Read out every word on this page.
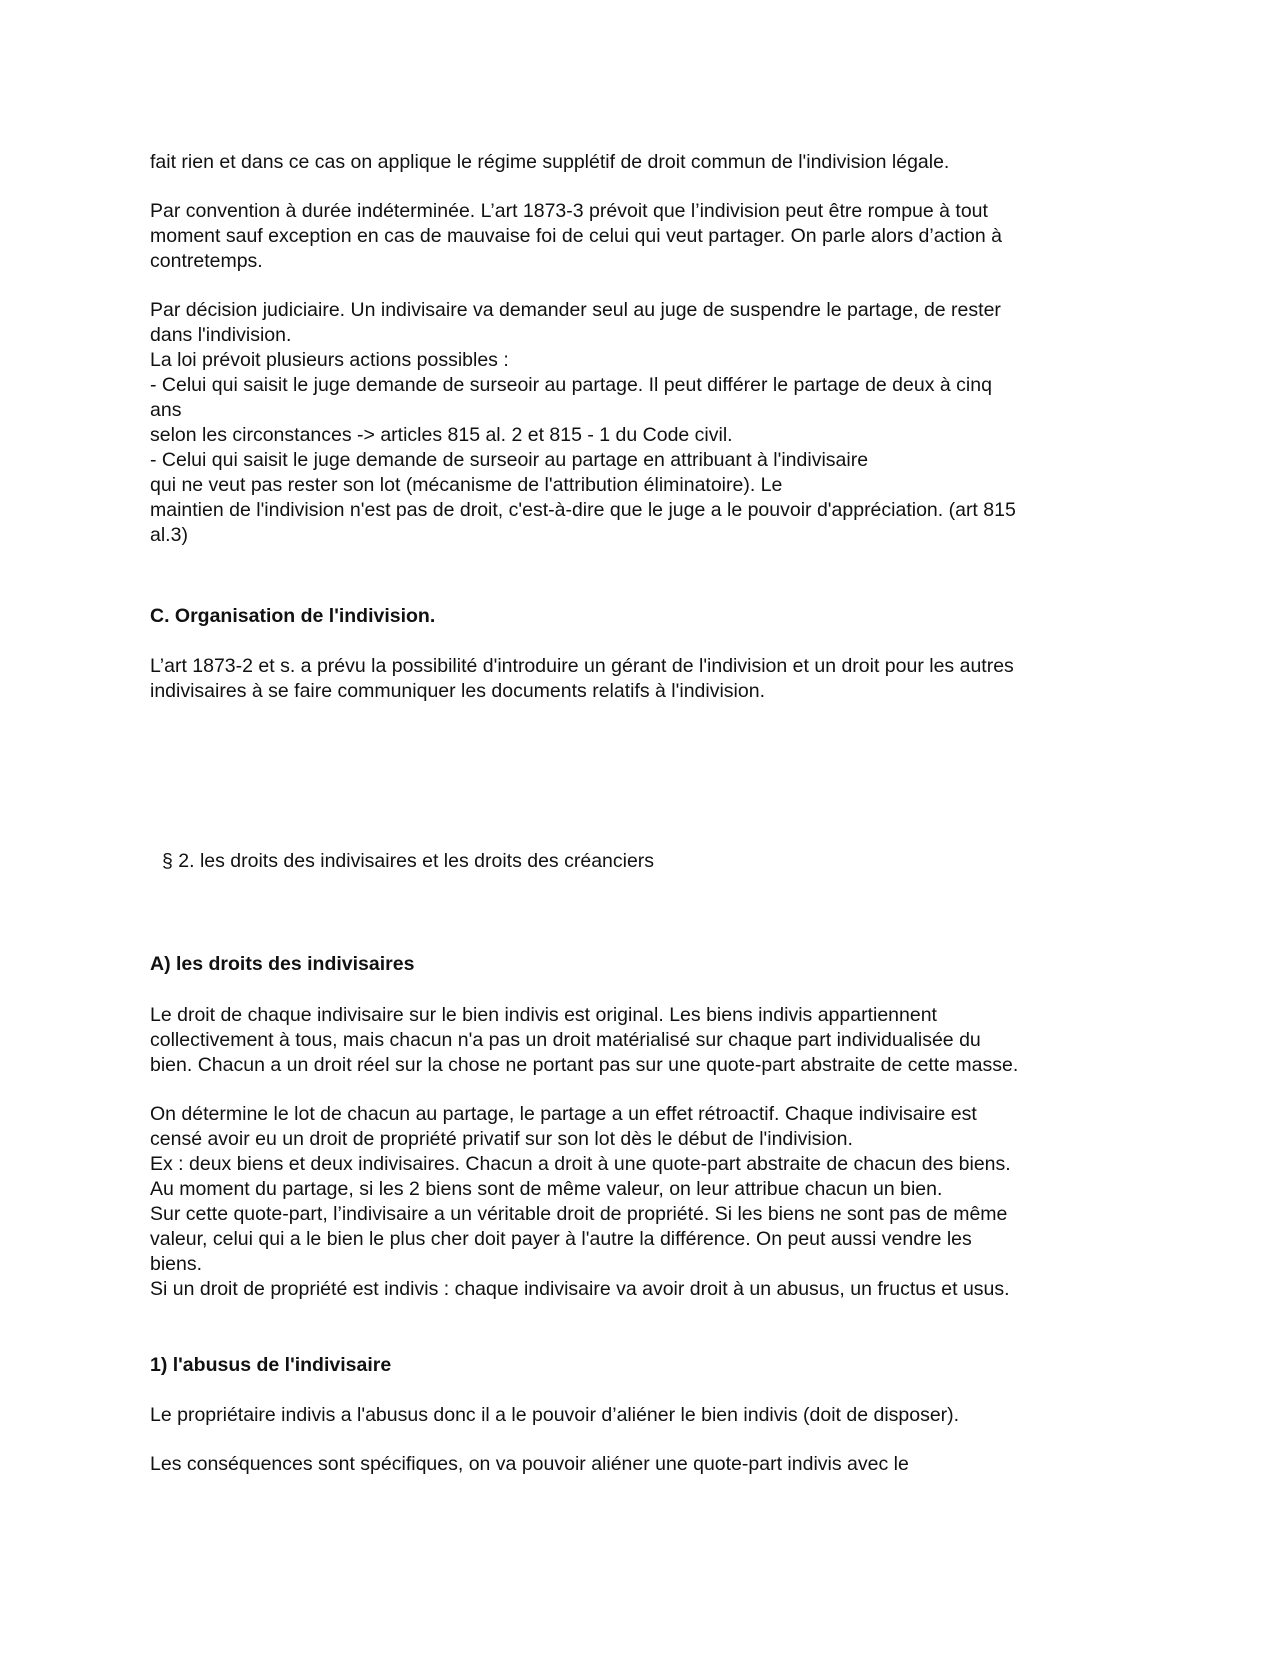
fait rien et dans ce cas on applique le régime supplétif de droit commun de l'indivision légale.
Par convention à durée indéterminée. L’art 1873-3 prévoit que l’indivision peut être rompue à tout
moment sauf exception en cas de mauvaise foi de celui qui veut partager. On parle alors d’action à
contretemps.
Par décision judiciaire. Un indivisaire va demander seul au juge de suspendre le partage, de rester
dans l'indivision.
La loi prévoit plusieurs actions possibles :
- Celui qui saisit le juge demande de surseoir au partage. Il peut différer le partage de deux à cinq
ans
selon les circonstances -> articles 815 al. 2 et 815 - 1 du Code civil.
- Celui qui saisit le juge demande de surseoir au partage en attribuant à l'indivisaire
qui ne veut pas rester son lot (mécanisme de l'attribution éliminatoire). Le
maintien de l'indivision n'est pas de droit, c'est-à-dire que le juge a le pouvoir d'appréciation. (art 815
al.3)
C. Organisation de l'indivision.
L’art 1873-2 et s. a prévu la possibilité d'introduire un gérant de l'indivision et un droit pour les autres
indivisaires à se faire communiquer les documents relatifs à l'indivision.
§ 2. les droits des indivisaires et les droits des créanciers
A) les droits des indivisaires
Le droit de chaque indivisaire sur le bien indivis est original. Les biens indivis appartiennent
collectivement à tous, mais chacun n'a pas un droit matérialisé sur chaque part individualisée du
bien. Chacun a un droit réel sur la chose ne portant pas sur une quote-part abstraite de cette masse.
On détermine le lot de chacun au partage, le partage a un effet rétroactif. Chaque indivisaire est
censé avoir eu un droit de propriété privatif sur son lot dès le début de l'indivision.
Ex : deux biens et deux indivisaires. Chacun a droit à une quote-part abstraite de chacun des biens.
Au moment du partage, si les 2 biens sont de même valeur, on leur attribue chacun un bien.
Sur cette quote-part, l’indivisaire a un véritable droit de propriété. Si les biens ne sont pas de même
valeur, celui qui a le bien le plus cher doit payer à l'autre la différence. On peut aussi vendre les
biens.
Si un droit de propriété est indivis : chaque indivisaire va avoir droit à un abusus, un fructus et usus.
1) l'abusus de l'indivisaire
Le propriétaire indivis a l'abusus donc il a le pouvoir d’aliéner le bien indivis (doit de disposer).
Les conséquences sont spécifiques, on va pouvoir aliéner une quote-part indivis avec le
